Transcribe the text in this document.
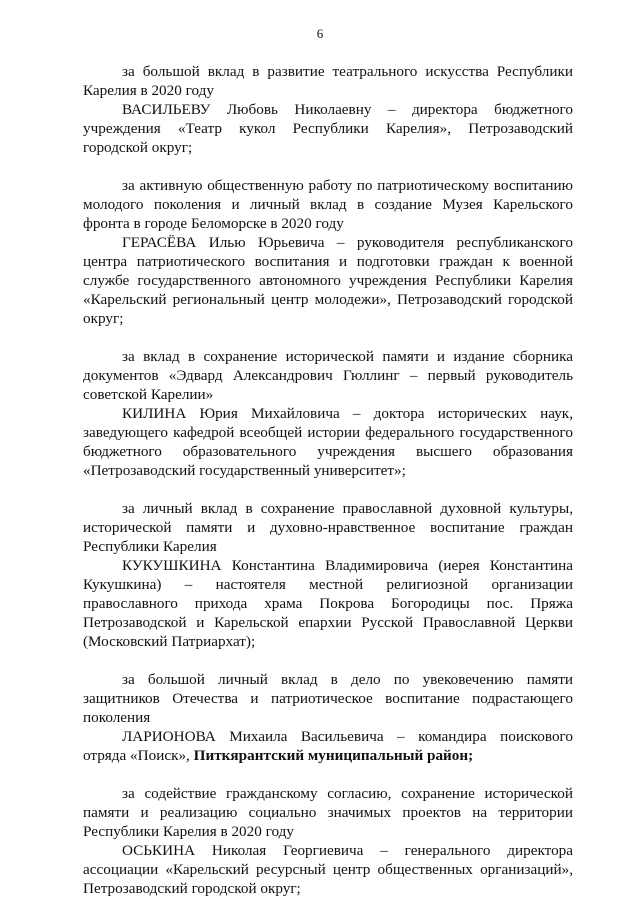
6
за большой вклад в развитие театрального искусства Республики
Карелия в 2020 году
ВАСИЛЬЕВУ Любовь Николаевну – директора бюджетного
учреждения «Театр кукол Республики Карелия», Петрозаводский
городской округ;
за активную общественную работу по патриотическому воспитанию
молодого поколения и личный вклад в создание Музея Карельского
фронта в городе Беломорске в 2020 году
ГЕРАСЁВА Илью Юрьевича – руководителя республиканского
центра патриотического воспитания и подготовки граждан к военной
службе государственного автономного учреждения Республики Карелия
«Карельский региональный центр молодежи», Петрозаводский городской
округ;
за вклад в сохранение исторической памяти и издание сборника
документов «Эдвард Александрович Гюллинг – первый руководитель
советской Карелии»
КИЛИНА Юрия Михайловича – доктора исторических наук,
заведующего кафедрой всеобщей истории федерального государственного
бюджетного образовательного учреждения высшего образования
«Петрозаводский государственный университет»;
за личный вклад в сохранение православной духовной культуры,
исторической памяти и духовно-нравственное воспитание граждан
Республики Карелия
КУКУШКИНА Константина Владимировича (иерея Константина
Кукушкина) – настоятеля местной религиозной организации
православного прихода храма Покрова Богородицы пос. Пряжа
Петрозаводской и Карельской епархии Русской Православной Церкви
(Московский Патриархат);
за большой личный вклад в дело по увековечению памяти
защитников Отечества и патриотическое воспитание подрастающего
поколения
ЛАРИОНОВА Михаила Васильевича – командира поискового
отряда «Поиск», Питкярантский муниципальный район;
за содействие гражданскому согласию, сохранение исторической
памяти и реализацию социально значимых проектов на территории
Республики Карелия в 2020 году
ОСЬКИНА Николая Георгиевича – генерального директора
ассоциации «Карельский ресурсный центр общественных организаций»,
Петрозаводский городской округ;
